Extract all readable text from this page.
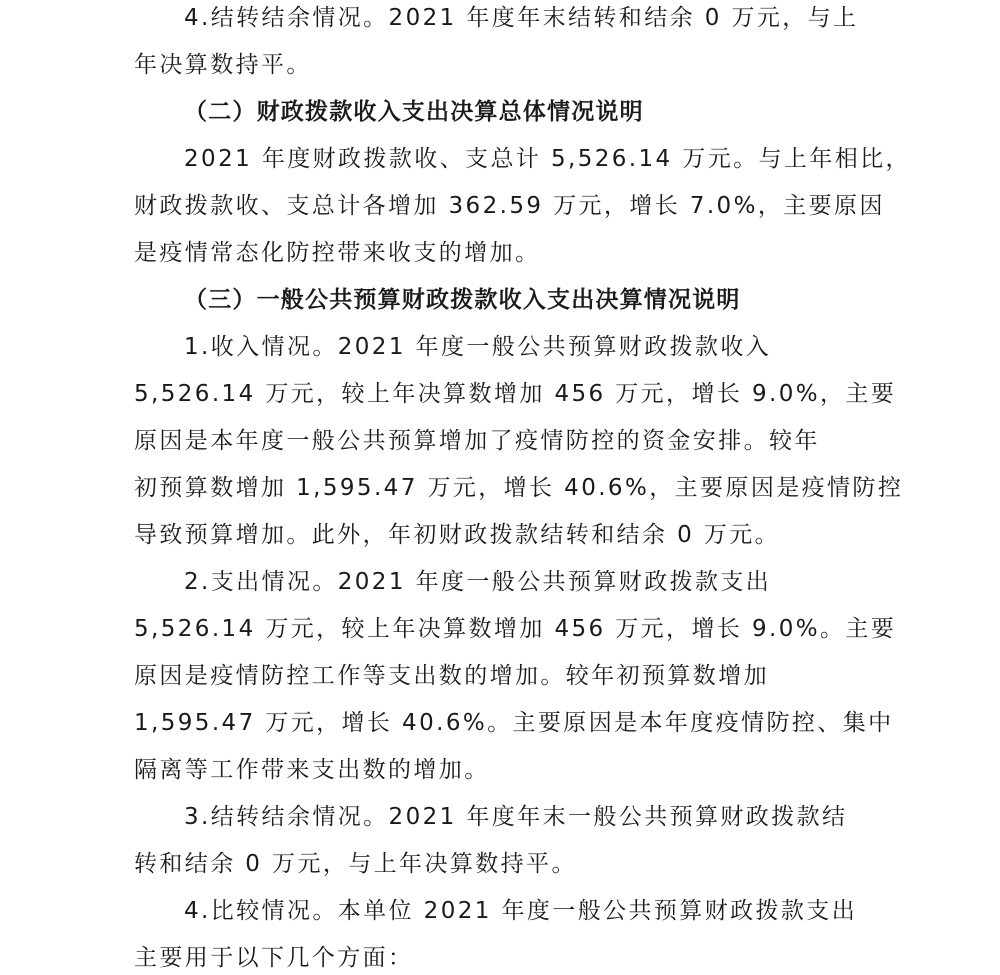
4.结转结余情况。2021 年度年末结转和结余 0 万元，与上
年决算数持平。
（二）财政拨款收入支出决算总体情况说明
2021 年度财政拨款收、支总计 5,526.14 万元。与上年相比，
财政拨款收、支总计各增加 362.59 万元，增长 7.0%，主要原因
是疫情常态化防控带来收支的增加。
（三）一般公共预算财政拨款收入支出决算情况说明
1.收入情况。2021 年度一般公共预算财政拨款收入
5,526.14 万元，较上年决算数增加 456 万元，增长 9.0%，主要
原因是本年度一般公共预算增加了疫情防控的资金安排。较年
初预算数增加 1,595.47 万元，增长 40.6%，主要原因是疫情防控
导致预算增加。此外，年初财政拨款结转和结余 0 万元。
2.支出情况。2021 年度一般公共预算财政拨款支出
5,526.14 万元，较上年决算数增加 456 万元，增长 9.0%。主要
原因是疫情防控工作等支出数的增加。较年初预算数增加
1,595.47 万元，增长 40.6%。主要原因是本年度疫情防控、集中
隔离等工作带来支出数的增加。
3.结转结余情况。2021 年度年末一般公共预算财政拨款结
转和结余 0 万元，与上年决算数持平。
4.比较情况。本单位 2021 年度一般公共预算财政拨款支出
主要用于以下几个方面：
